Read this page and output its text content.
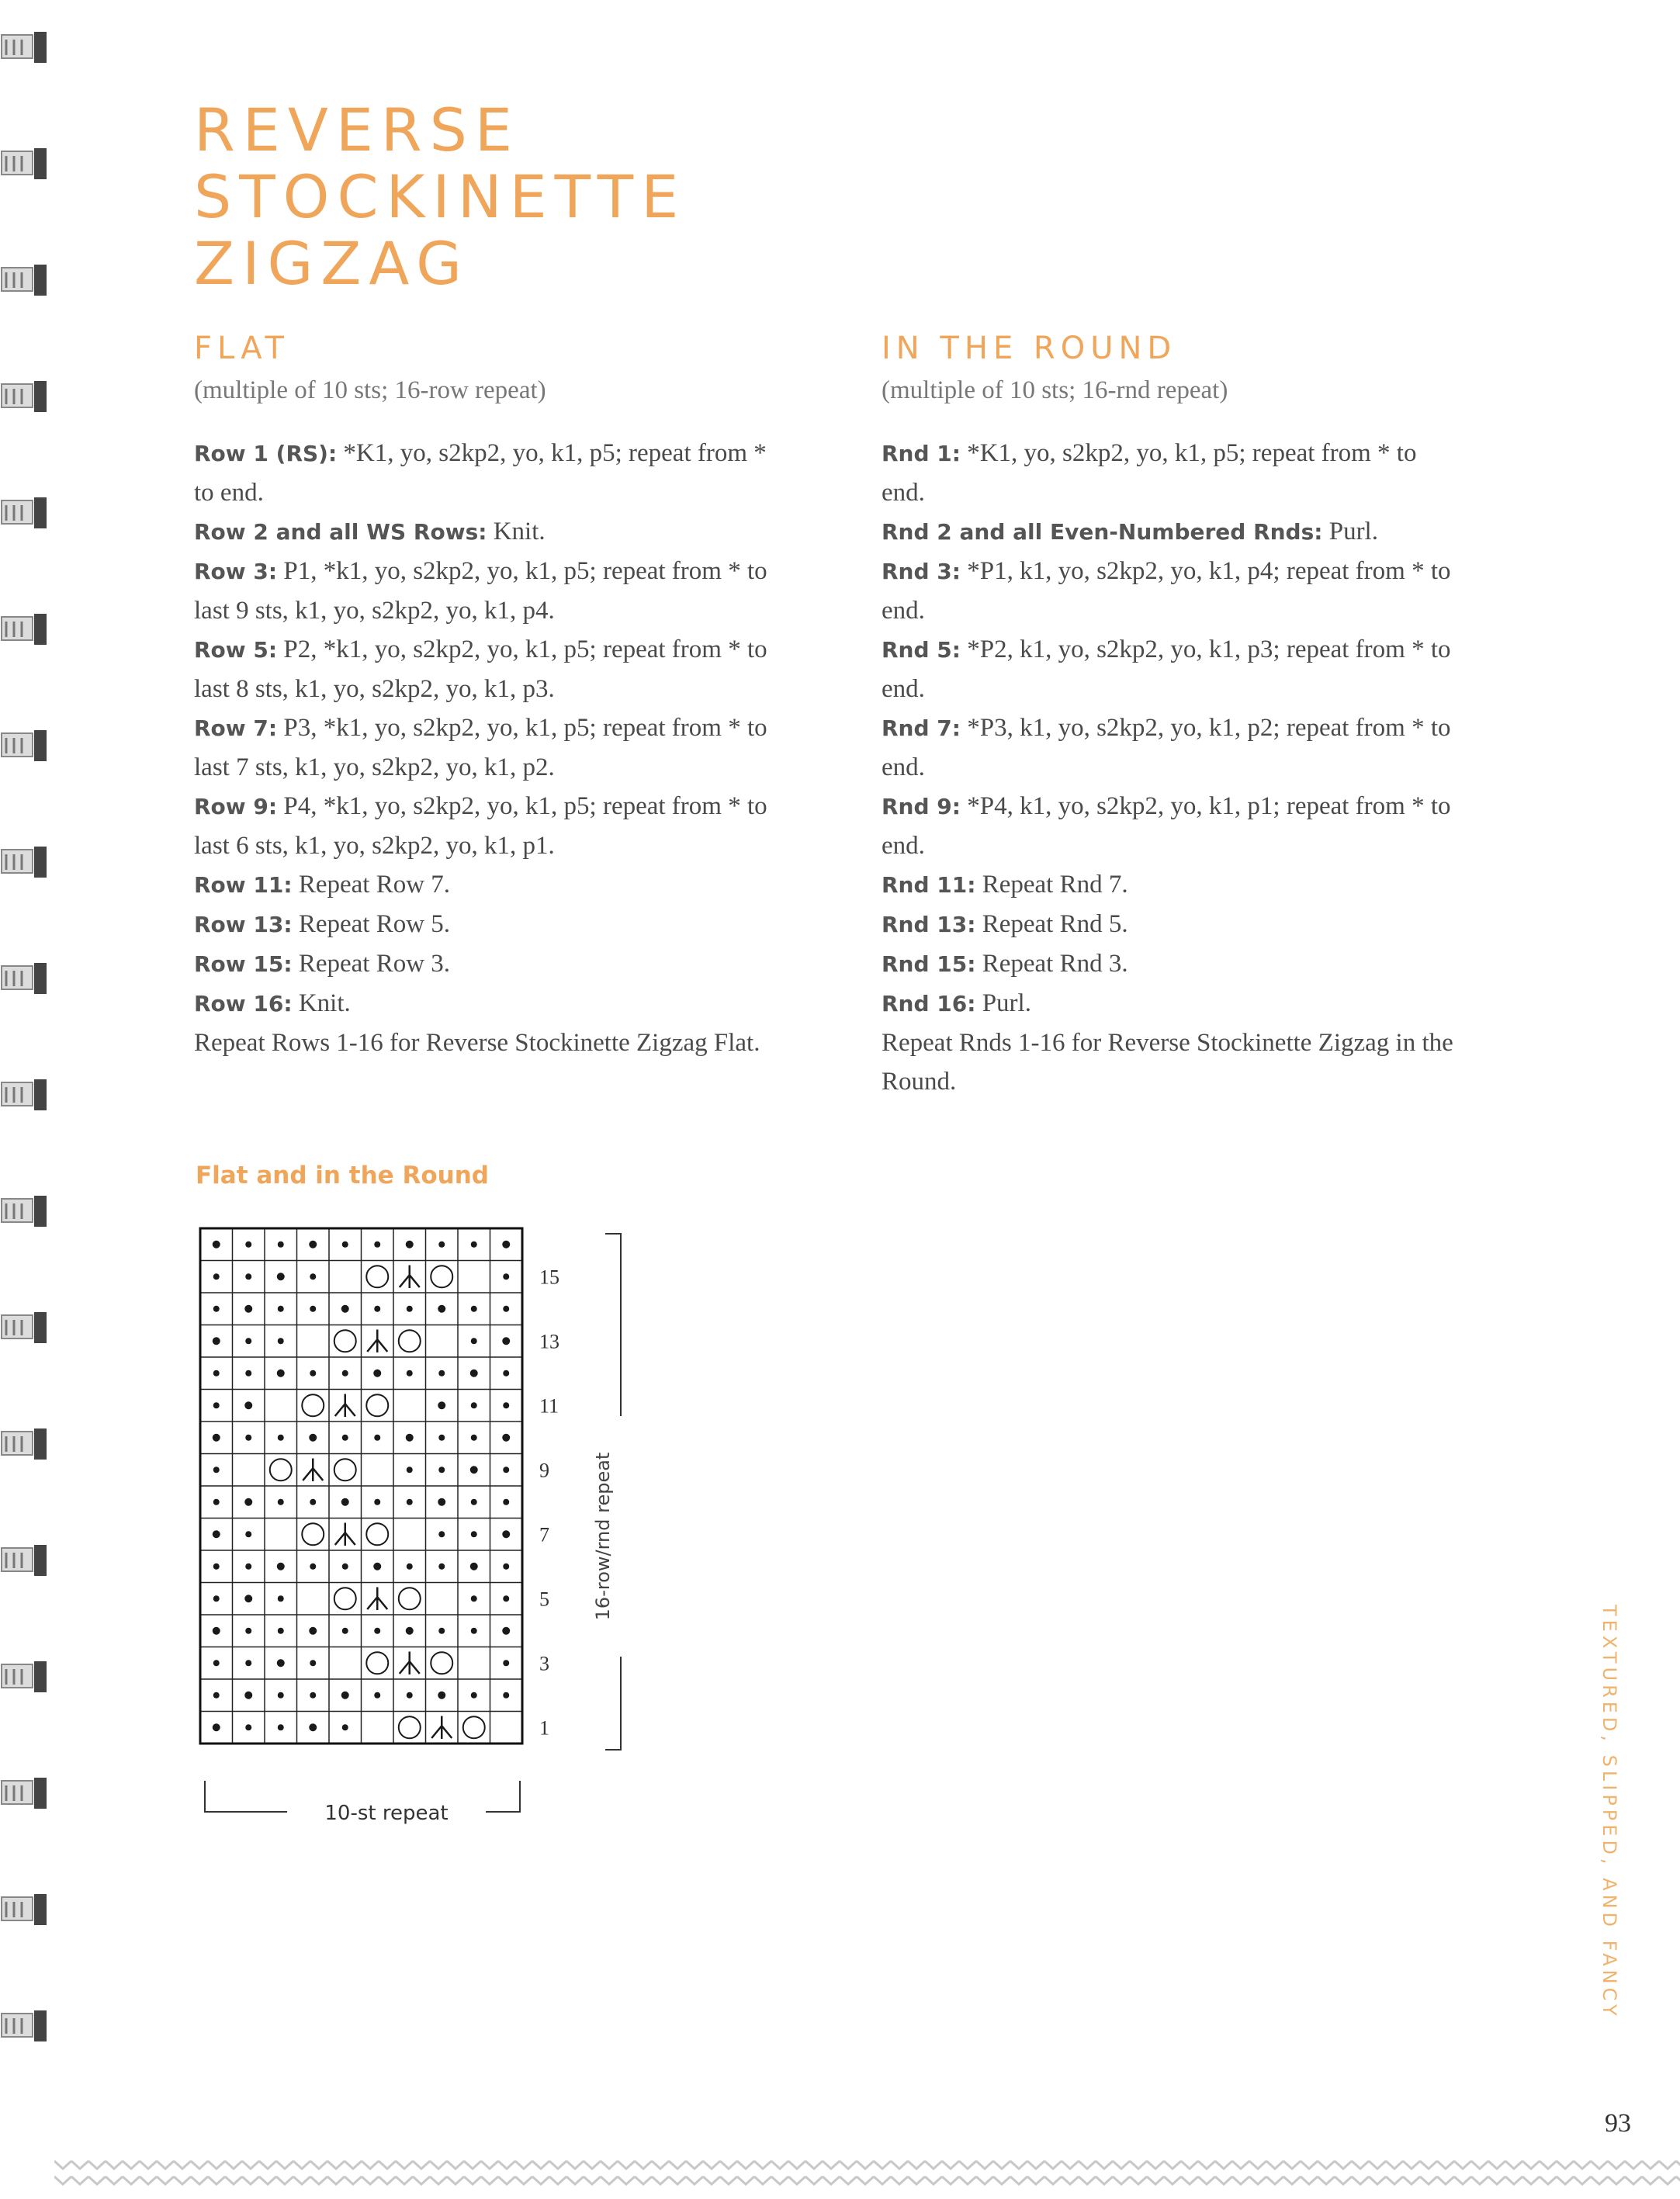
REVERSE
STOCKINETTE
ZIGZAG
FLAT

(multiple of 10 sts; 16-row repeat)

Row 1 (RS): *K1, yo, s2kp2, yo, k1, p5; repeat from * to end.
Row 2 and all WS Rows: Knit.
Row 3: P1, *k1, yo, s2kp2, yo, k1, p5; repeat from * to last 9 sts, k1, yo, s2kp2, yo, k1, p4.
Row 5: P2, *k1, yo, s2kp2, yo, k1, p5; repeat from * to last 8 sts, k1, yo, s2kp2, yo, k1, p3.
Row 7: P3, *k1, yo, s2kp2, yo, k1, p5; repeat from * to last 7 sts, k1, yo, s2kp2, yo, k1, p2.
Row 9: P4, *k1, yo, s2kp2, yo, k1, p5; repeat from * to last 6 sts, k1, yo, s2kp2, yo, k1, p1.
Row 11: Repeat Row 7.
Row 13: Repeat Row 5.
Row 15: Repeat Row 3.
Row 16: Knit.
Repeat Rows 1-16 for Reverse Stockinette Zigzag Flat.
IN THE ROUND

(multiple of 10 sts; 16-rnd repeat)

Rnd 1: *K1, yo, s2kp2, yo, k1, p5; repeat from * to end.
Rnd 2 and all Even-Numbered Rnds: Purl.
Rnd 3: *P1, k1, yo, s2kp2, yo, k1, p4; repeat from * to end.
Rnd 5: *P2, k1, yo, s2kp2, yo, k1, p3; repeat from * to end.
Rnd 7: *P3, k1, yo, s2kp2, yo, k1, p2; repeat from * to end.
Rnd 9: *P4, k1, yo, s2kp2, yo, k1, p1; repeat from * to end.
Rnd 11: Repeat Rnd 7.
Rnd 13: Repeat Rnd 5.
Rnd 15: Repeat Rnd 3.
Rnd 16: Purl.
Repeat Rnds 1-16 for Reverse Stockinette Zigzag in the Round.
Flat and in the Round
15
13
11
9
7
5
3
1
16-row/rnd repeat
10-st repeat	TEXTURED, SLIPPED, AND FANCY

93
